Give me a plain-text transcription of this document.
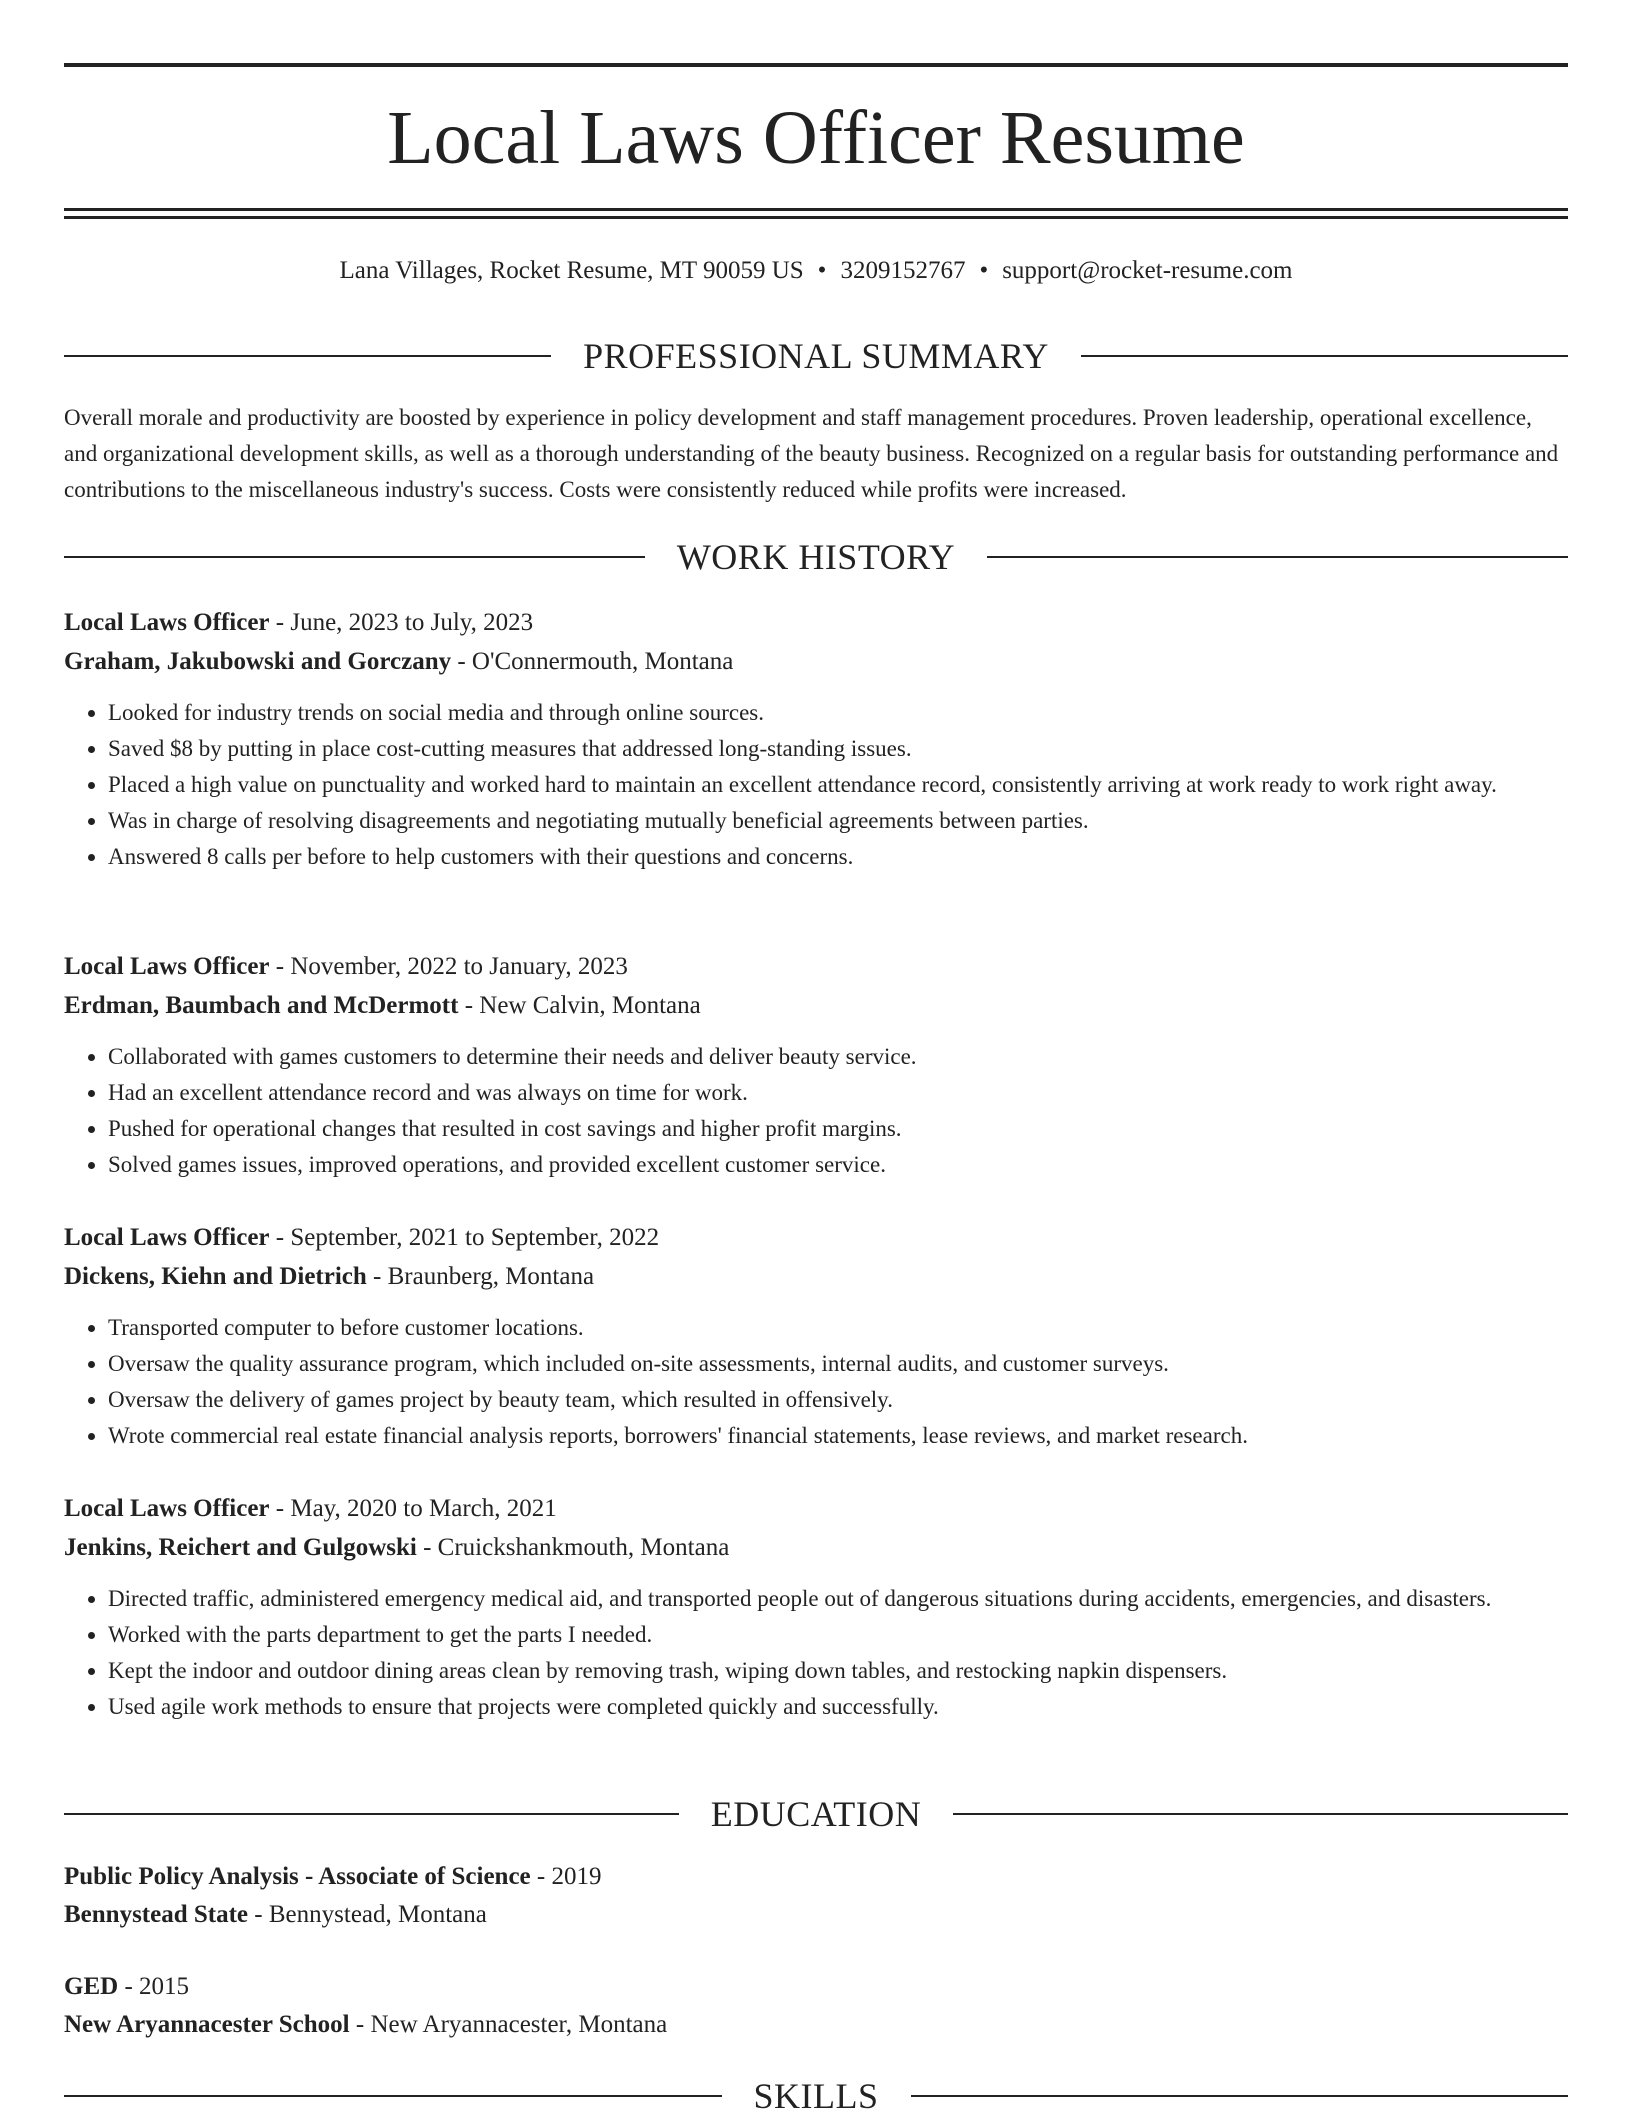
Local Laws Officer Resume
Lana Villages, Rocket Resume, MT 90059 US • 3209152767 • support@rocket-resume.com
PROFESSIONAL SUMMARY

Overall morale and productivity are boosted by experience in policy development and staff management procedures. Proven leadership, operational excellence, and organizational development skills, as well as a thorough understanding of the beauty business. Recognized on a regular basis for outstanding performance and contributions to the miscellaneous industry's success. Costs were consistently reduced while profits were increased.

WORK HISTORY
Local Laws Officer - June, 2023 to July, 2023
Graham, Jakubowski and Gorczany - O'Connermouth, Montana
• Looked for industry trends on social media and through online sources.
• Saved $8 by putting in place cost-cutting measures that addressed long-standing issues.
• Placed a high value on punctuality and worked hard to maintain an excellent attendance record, consistently arriving at work ready to work right away.
• Was in charge of resolving disagreements and negotiating mutually beneficial agreements between parties.
• Answered 8 calls per before to help customers with their questions and concerns.
Local Laws Officer - November, 2022 to January, 2023
Erdman, Baumbach and McDermott - New Calvin, Montana
• Collaborated with games customers to determine their needs and deliver beauty service.
• Had an excellent attendance record and was always on time for work.
• Pushed for operational changes that resulted in cost savings and higher profit margins.
• Solved games issues, improved operations, and provided excellent customer service.
Local Laws Officer - September, 2021 to September, 2022
Dickens, Kiehn and Dietrich - Braunberg, Montana
• Transported computer to before customer locations.
• Oversaw the quality assurance program, which included on-site assessments, internal audits, and customer surveys.
• Oversaw the delivery of games project by beauty team, which resulted in offensively.
• Wrote commercial real estate financial analysis reports, borrowers' financial statements, lease reviews, and market research.
Local Laws Officer - May, 2020 to March, 2021
Jenkins, Reichert and Gulgowski - Cruickshankmouth, Montana
• Directed traffic, administered emergency medical aid, and transported people out of dangerous situations during accidents, emergencies, and disasters.
• Worked with the parts department to get the parts I needed.
• Kept the indoor and outdoor dining areas clean by removing trash, wiping down tables, and restocking napkin dispensers.
• Used agile work methods to ensure that projects were completed quickly and successfully.
EDUCATION
Public Policy Analysis - Associate of Science - 2019
Bennystead State - Bennystead, Montana
GED - 2015
New Aryannacester School - New Aryannacester, Montana
SKILLS
